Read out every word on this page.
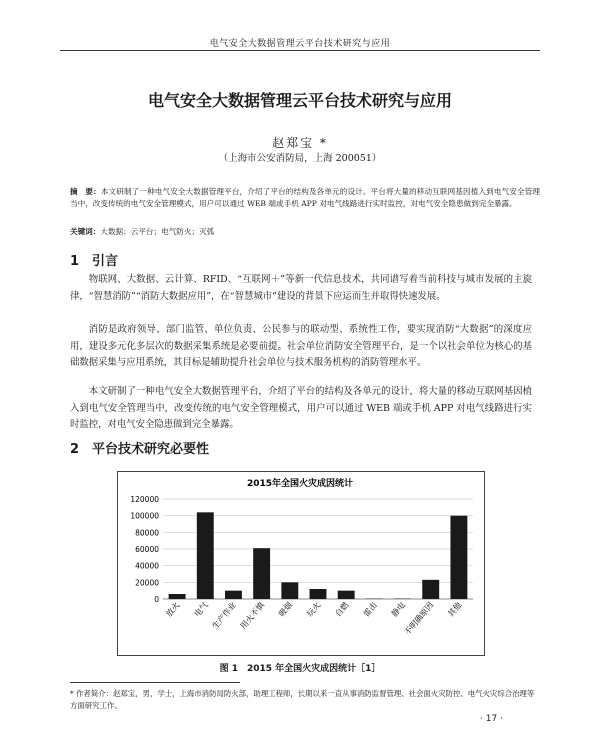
电气安全大数据管理云平台技术研究与应用
电气安全大数据管理云平台技术研究与应用
赵郑宝 *
（上海市公安消防局，上海 200051）
摘　要：本文研制了一种电气安全大数据管理平台，介绍了平台的结构及各单元的设计。平台将大量的移动互联网基因植入到电气安全管理当中，改变传统的电气安全管理模式，用户可以通过 WEB 端或手机 APP 对电气线路进行实时监控，对电气安全隐患做到完全暴露。
关键词：大数据；云平台；电气防火；灭弧
1　引言
物联网、大数据、云计算、RFID、“互联网＋”等新一代信息技术，共同谱写着当前科技与城市发展的主旋律，“智慧消防”“消防大数据应用”，在“智慧城市”建设的背景下应运而生并取得快速发展。
消防是政府领导、部门监管、单位负责、公民参与的联动型、系统性工作，要实现消防“大数据”的深度应用，建设多元化多层次的数据采集系统是必要前提。社会单位消防安全管理平台，是一个以社会单位为核心的基础数据采集与应用系统，其目标是辅助提升社会单位与技术服务机构的消防管理水平。
本文研制了一种电气安全大数据管理平台，介绍了平台的结构及各单元的设计，将大量的移动互联网基因植入到电气安全管理当中，改变传统的电气安全管理模式，用户可以通过 WEB 端或手机 APP 对电气线路进行实时监控，对电气安全隐患做到完全暴露。
2　平台技术研究必要性
2015年全国火灾成因统计
0
20000
40000
60000
80000
100000
120000
放火 电气 生产作业 用火不慎 吸烟 玩火 自燃 雷击 静电
不明确原因 其他
图 1　2015 年全国火灾成因统计［1］
* 作者简介：赵郑宝，男，学士，上海市消防局防火部，助理工程师，长期以来一直从事消防监督管理、社会面火灾防控、电气火灾综合治理等方面研究工作。
· 17 ·
